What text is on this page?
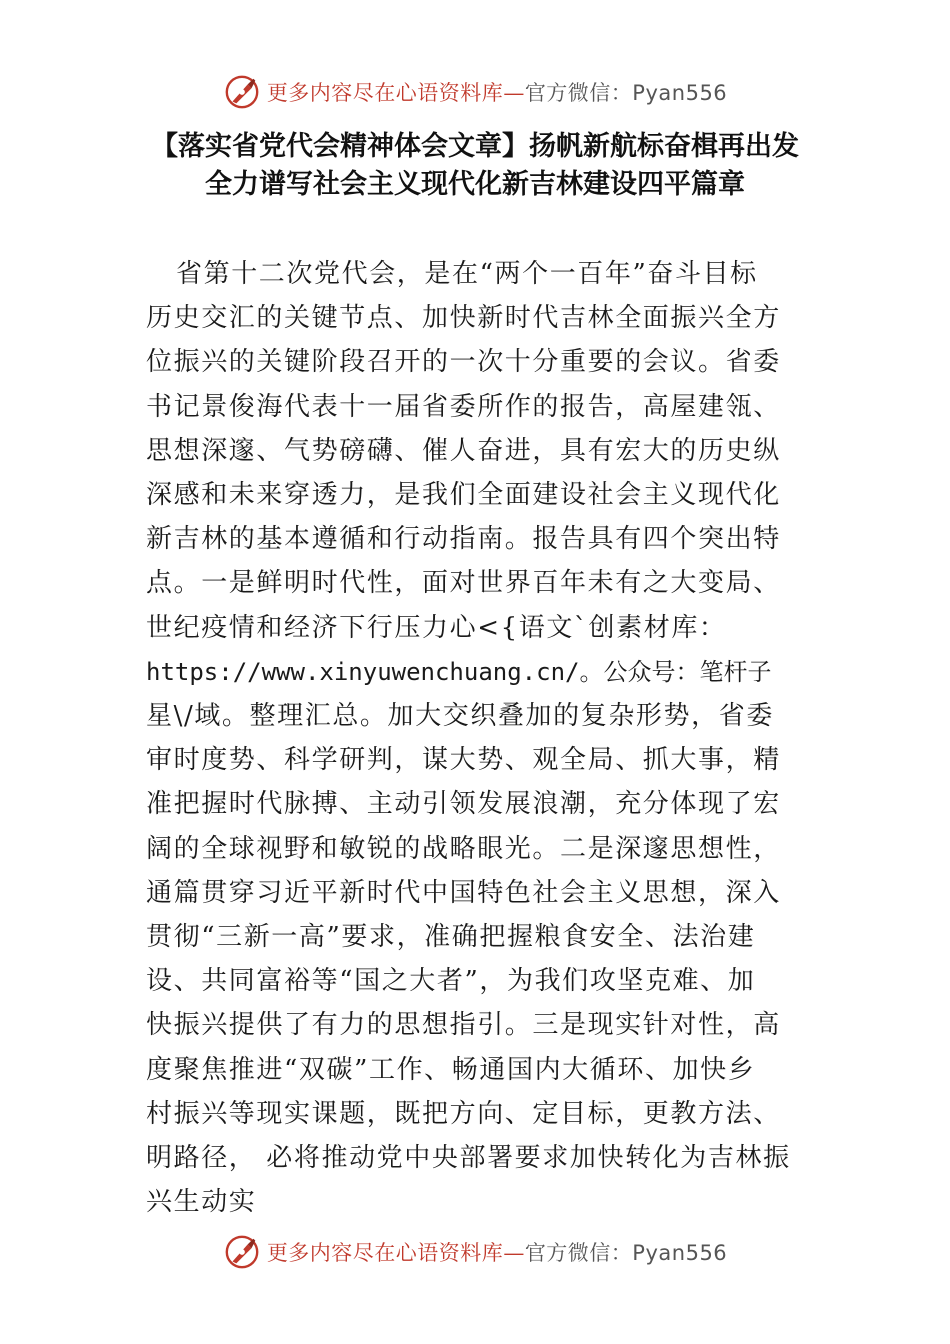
更多内容尽在心语资料库—官方微信：Pyan556
【落实省党代会精神体会文章】扬帆新航标奋楫再出发
全力谱写社会主义现代化新吉林建设四平篇章
省第十二次党代会，是在“两个一百年”奋斗目标
历史交汇的关键节点、加快新时代吉林全面振兴全方
位振兴的关键阶段召开的一次十分重要的会议。省委
书记景俊海代表十一届省委所作的报告，高屋建瓴、
思想深邃、气势磅礴、催人奋进，具有宏大的历史纵
深感和未来穿透力，是我们全面建设社会主义现代化
新吉林的基本遵循和行动指南。报告具有四个突出特
点。一是鲜明时代性，面对世界百年未有之大变局、
世纪疫情和经济下行压力心<{语文`创素材库：
https://www.xinyuwenchuang.cn/。公众号：笔杆子
星\/域。整理汇总。加大交织叠加的复杂形势，省委
审时度势、科学研判，谋大势、观全局、抓大事，精
准把握时代脉搏、主动引领发展浪潮，充分体现了宏
阔的全球视野和敏锐的战略眼光。二是深邃思想性，
通篇贯穿习近平新时代中国特色社会主义思想，深入
贯彻“三新一高”要求，准确把握粮食安全、法治建
设、共同富裕等“国之大者”，为我们攻坚克难、加
快振兴提供了有力的思想指引。三是现实针对性，高
度聚焦推进“双碳”工作、畅通国内大循环、加快乡
村振兴等现实课题，既把方向、定目标，更教方法、
明路径， 必将推动党中央部署要求加快转化为吉林振
兴生动实
更多内容尽在心语资料库—官方微信：Pyan556
